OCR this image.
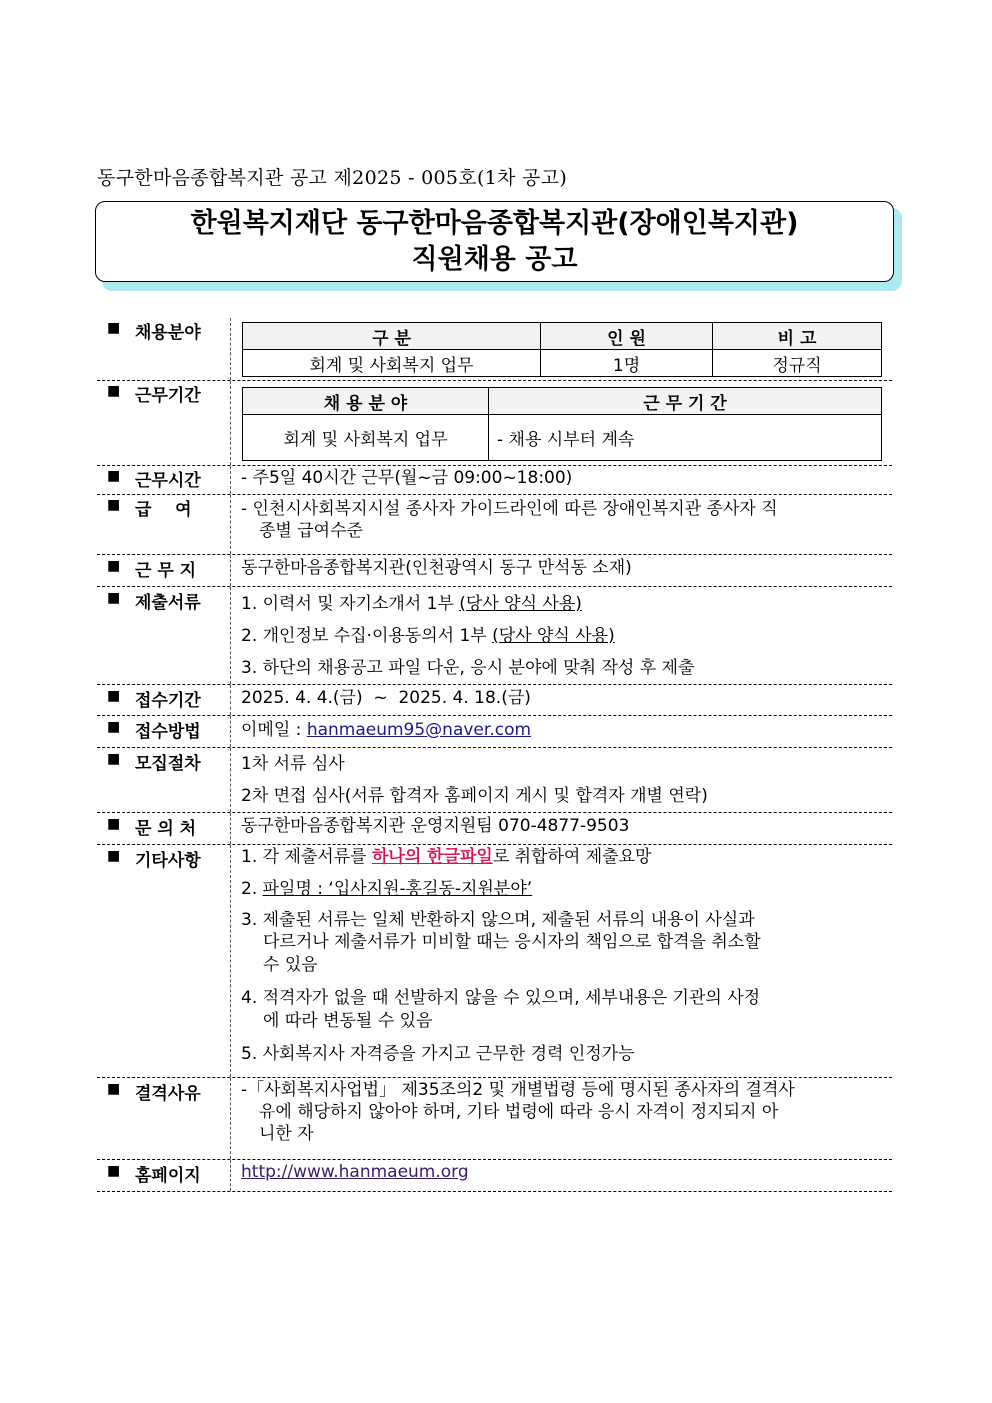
동구한마음종합복지관 공고 제2025 - 005호(1차 공고)
한원복지재단 동구한마음종합복지관(장애인복지관)
직원채용 공고
■ 채용분야	구 분	인 원	비 고
회계 및 사회복지 업무	1명	정규직
■ 근무기간	채 용 분 야	근 무 기 간
회계 및 사회복지 업무	- 채용 시부터 계속
■ 근무시간 - 주5일 40시간 근무(월~금 09:00~18:00)
■ 급    여	- 인천시사회복지시설 종사자 가이드라인에 따른 장애인복지관 종사자 직
종별 급여수준
■ 근 무 지	동구한마음종합복지관(인천광역시 동구 만석동 소재)
■ 제출서류 1. 이력서 및 자기소개서 1부 (당사 양식 사용)
2. 개인정보 수집·이용동의서 1부 (당사 양식 사용)
3. 하단의 채용공고 파일 다운, 응시 분야에 맞춰 작성 후 제출
■ 접수기간 2025. 4. 4.(금)  ~  2025. 4. 18.(금)
■ 접수방법 이메일 : hanmaeum95@naver.com
■ 모집절차 1차 서류 심사
2차 면접 심사(서류 합격자 홈페이지 게시 및 합격자 개별 연락)
■ 문 의 처	동구한마음종합복지관 운영지원팀 070-4877-9503
■ 기타사항 1. 각 제출서류를 하나의 한글파일로 취합하여 제출요망
2. 파일명 : ‘입사지원-홍길동-지원분야’
3. 제출된 서류는 일체 반환하지 않으며, 제출된 서류의 내용이 사실과
다르거나 제출서류가 미비할 때는 응시자의 책임으로 합격을 취소할
수 있음
4. 적격자가 없을 때 선발하지 않을 수 있으며, 세부내용은 기관의 사정
에 따라 변동될 수 있음
5. 사회복지사 자격증을 가지고 근무한 경력 인정가능
■ 결격사유 -「사회복지사업법」 제35조의2 및 개별법령 등에 명시된 종사자의 결격사
유에 해당하지 않아야 하며, 기타 법령에 따라 응시 자격이 정지되지 아
니한 자
■ 홈페이지 http://www.hanmaeum.org
